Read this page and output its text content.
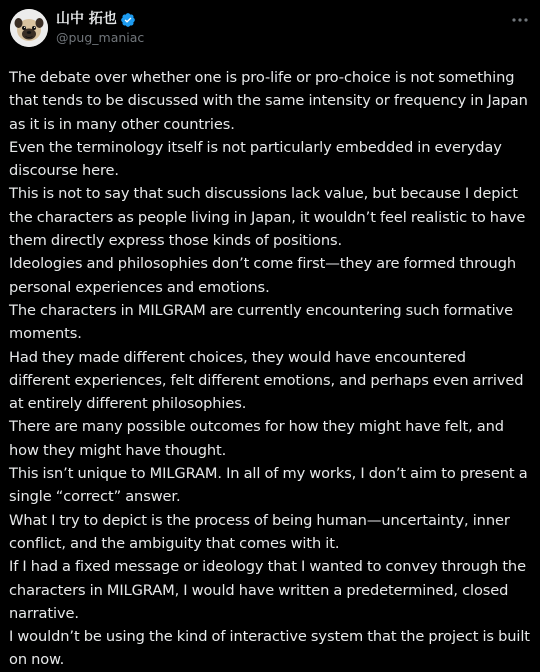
山中 拓也
@pug_maniac

The debate over whether one is pro-life or pro-choice is not something that tends to be discussed with the same intensity or frequency in Japan as it is in many other countries.

Even the terminology itself is not particularly embedded in everyday discourse here.

This is not to say that such discussions lack value, but because I depict the characters as people living in Japan, it wouldn’t feel realistic to have them directly express those kinds of positions.

Ideologies and philosophies don’t come first—they are formed through personal experiences and emotions.

The characters in MILGRAM are currently encountering such formative moments.

Had they made different choices, they would have encountered different experiences, felt different emotions, and perhaps even arrived at entirely different philosophies.

There are many possible outcomes for how they might have felt, and how they might have thought.

This isn’t unique to MILGRAM. In all of my works, I don’t aim to present a single “correct” answer.

What I try to depict is the process of being human—uncertainty, inner conflict, and the ambiguity that comes with it.

If I had a fixed message or ideology that I wanted to convey through the characters in MILGRAM, I would have written a predetermined, closed narrative.

I wouldn’t be using the kind of interactive system that the project is built on now.
